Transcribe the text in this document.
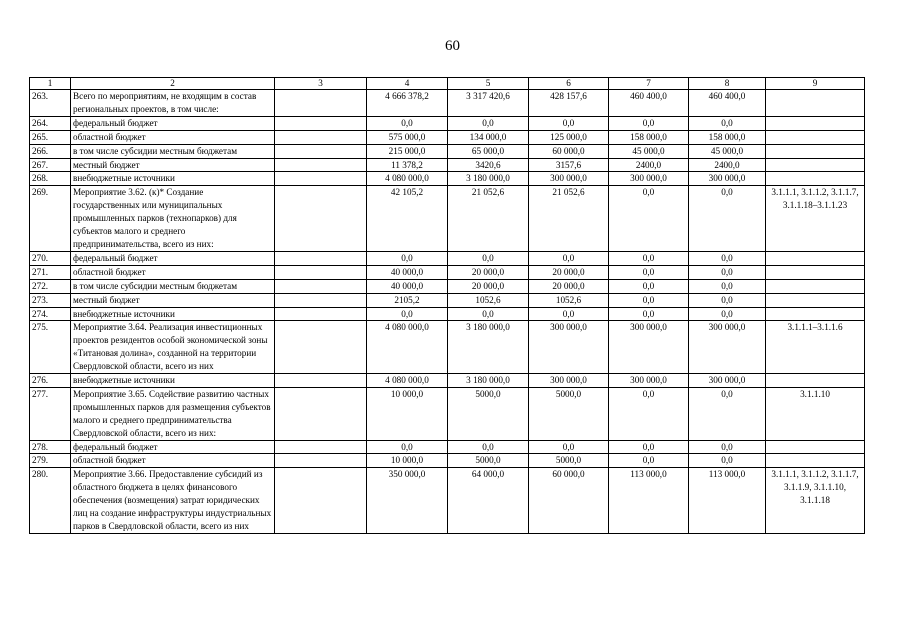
60
1	2	3	4	5	6	7	8	9
263.	Всего по мероприятиям, не входящим в состав региональных проектов, в том числе:		4 666 378,2	3 317 420,6	428 157,6	460 400,0	460 400,0	
264.	федеральный бюджет		0,0	0,0	0,0	0,0	0,0	
265.	областной бюджет		575 000,0	134 000,0	125 000,0	158 000,0	158 000,0	
266.	в том числе субсидии местным бюджетам		215 000,0	65 000,0	60 000,0	45 000,0	45 000,0	
267.	местный бюджет		11 378,2	3420,6	3157,6	2400,0	2400,0	
268.	внебюджетные источники		4 080 000,0	3 180 000,0	300 000,0	300 000,0	300 000,0	
269.	Мероприятие 3.62. (к)* Создание государственных или муниципальных промышленных парков (технопарков) для субъектов малого и среднего предпринимательства, всего из них:		42 105,2	21 052,6	21 052,6	0,0	0,0	3.1.1.1, 3.1.1.2, 3.1.1.7, 3.1.1.18–3.1.1.23
270.	федеральный бюджет		0,0	0,0	0,0	0,0	0,0	
271.	областной бюджет		40 000,0	20 000,0	20 000,0	0,0	0,0	
272.	в том числе субсидии местным бюджетам		40 000,0	20 000,0	20 000,0	0,0	0,0	
273.	местный бюджет		2105,2	1052,6	1052,6	0,0	0,0	
274.	внебюджетные источники		0,0	0,0	0,0	0,0	0,0	
275.	Мероприятие 3.64. Реализация инвестиционных проектов резидентов особой экономической зоны «Титановая долина», созданной на территории Свердловской области, всего из них		4 080 000,0	3 180 000,0	300 000,0	300 000,0	300 000,0	3.1.1.1–3.1.1.6
276.	внебюджетные источники		4 080 000,0	3 180 000,0	300 000,0	300 000,0	300 000,0	
277.	Мероприятие 3.65. Содействие развитию частных промышленных парков для размещения субъектов малого и среднего предпринимательства Свердловской области, всего из них:		10 000,0	5000,0	5000,0	0,0	0,0	3.1.1.10
278.	федеральный бюджет		0,0	0,0	0,0	0,0	0,0	
279.	областной бюджет		10 000,0	5000,0	5000,0	0,0	0,0	
280.	Мероприятие 3.66. Предоставление субсидий из областного бюджета в целях финансового обеспечения (возмещения) затрат юридических лиц на создание инфраструктуры индустриальных парков в Свердловской области, всего из них		350 000,0	64 000,0	60 000,0	113 000,0	113 000,0	3.1.1.1, 3.1.1.2, 3.1.1.7, 3.1.1.9, 3.1.1.10, 3.1.1.18
